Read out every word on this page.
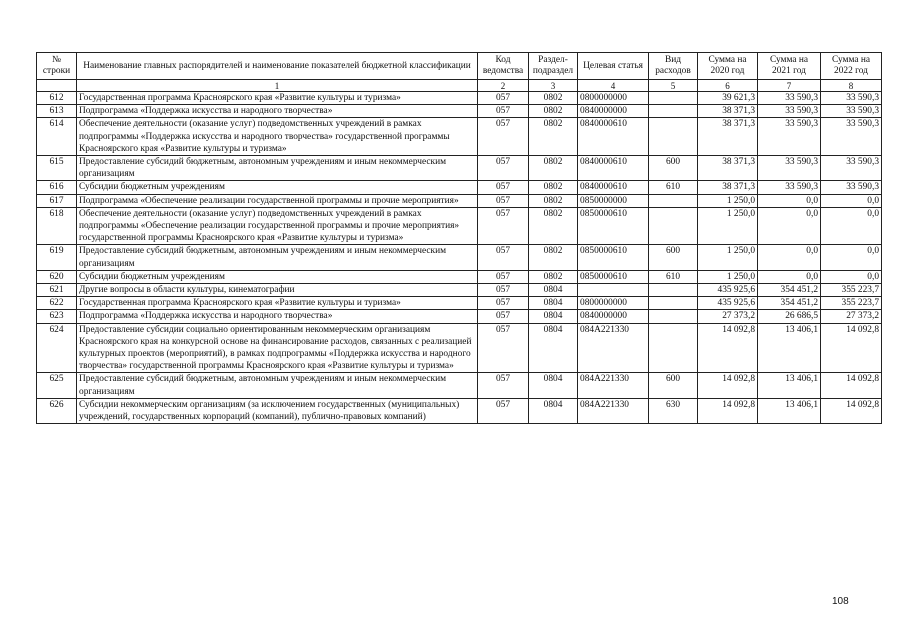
№ строки	Наименование главных распорядителей и наименование показателей бюджетной классификации	Код ведомства	Раздел-подраздел	Целевая статья	Вид расходов	Сумма на 2020 год	Сумма на 2021 год	Сумма на 2022 год
	1	2	3	4	5	6	7	8
612	Государственная программа Красноярского края «Развитие культуры и туризма»	057	0802	0800000000		39 621,3	33 590,3	33 590,3
613	Подпрограмма «Поддержка искусства и народного творчества»	057	0802	0840000000		38 371,3	33 590,3	33 590,3
614	Обеспечение деятельности (оказание услуг) подведомственных учреждений в рамках подпрограммы «Поддержка искусства и народного творчества» государственной программы Красноярского края «Развитие культуры и туризма»	057	0802	0840000610		38 371,3	33 590,3	33 590,3
615	Предоставление субсидий бюджетным, автономным учреждениям и иным некоммерческим организациям	057	0802	0840000610	600	38 371,3	33 590,3	33 590,3
616	Субсидии бюджетным учреждениям	057	0802	0840000610	610	38 371,3	33 590,3	33 590,3
617	Подпрограмма «Обеспечение реализации государственной программы и прочие мероприятия»	057	0802	0850000000		1 250,0	0,0	0,0
618	Обеспечение деятельности (оказание услуг) подведомственных учреждений в рамках подпрограммы «Обеспечение реализации государственной программы и прочие мероприятия» государственной программы Красноярского края «Развитие культуры и туризма»	057	0802	0850000610		1 250,0	0,0	0,0
619	Предоставление субсидий бюджетным, автономным учреждениям и иным некоммерческим организациям	057	0802	0850000610	600	1 250,0	0,0	0,0
620	Субсидии бюджетным учреждениям	057	0802	0850000610	610	1 250,0	0,0	0,0
621	Другие вопросы в области культуры, кинематографии	057	0804			435 925,6	354 451,2	355 223,7
622	Государственная программа Красноярского края «Развитие культуры и туризма»	057	0804	0800000000		435 925,6	354 451,2	355 223,7
623	Подпрограмма «Поддержка искусства и народного творчества»	057	0804	0840000000		27 373,2	26 686,5	27 373,2
624	Предоставление субсидии социально ориентированным некоммерческим организациям Красноярского края на конкурсной основе на финансирование расходов, связанных с реализацией культурных проектов (мероприятий), в рамках подпрограммы «Поддержка искусства и народного творчества» государственной программы Красноярского края «Развитие культуры и туризма»	057	0804	084А221330		14 092,8	13 406,1	14 092,8
625	Предоставление субсидий бюджетным, автономным учреждениям и иным некоммерческим организациям	057	0804	084А221330	600	14 092,8	13 406,1	14 092,8
626	Субсидии некоммерческим организациям (за исключением государственных (муниципальных) учреждений, государственных корпораций (компаний), публично-правовых компаний)	057	0804	084А221330	630	14 092,8	13 406,1	14 092,8
108
